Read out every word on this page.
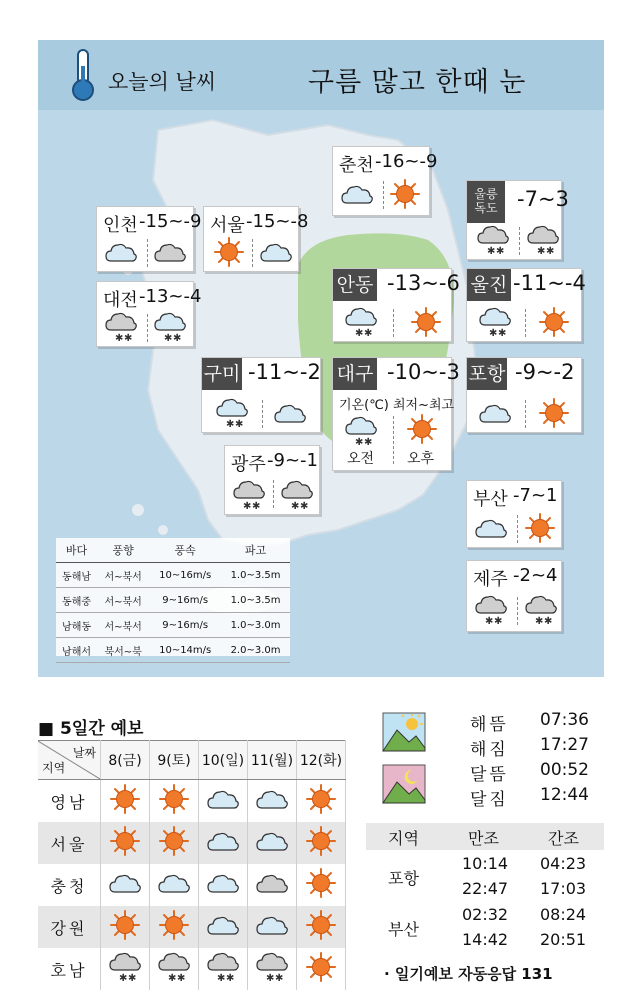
오늘의 날씨	구름 많고 한때 눈
춘천 -16~-9
인천 -15~-9 서울 -15~-8
대전 -13~-4
울릉 독도 -7~3
안동 -13~-6 울진 -11~-4
구미 -11~-2 대구 -10~-3
기온(℃) 최저~최고
오전 오후
포항 -9~-2
광주 -9~-1
부산 -7~1
제주 -2~4
바다	풍향	풍속	파고
동해남	서~북서	10~16m/s	1.0~3.5m
동해중	서~북서	9~16m/s	1.0~3.5m
남해동	서~북서	9~16m/s	1.0~3.0m
남해서	북서~북	10~14m/s	2.0~3.0m
■ 5일간 예보
날짜
지역	8(금)	9(토)	10(일)	11(월)	12(화)
영남					
서울					
충청					
강원					
호남					
해뜸 07:36
해짐 17:27
달뜸 00:52
달짐 12:44
지역	만조	간조
포항
10:14 04:23
22:47 17:03
부산
02:32 08:24
14:42 20:51
· 일기예보 자동응답 131
